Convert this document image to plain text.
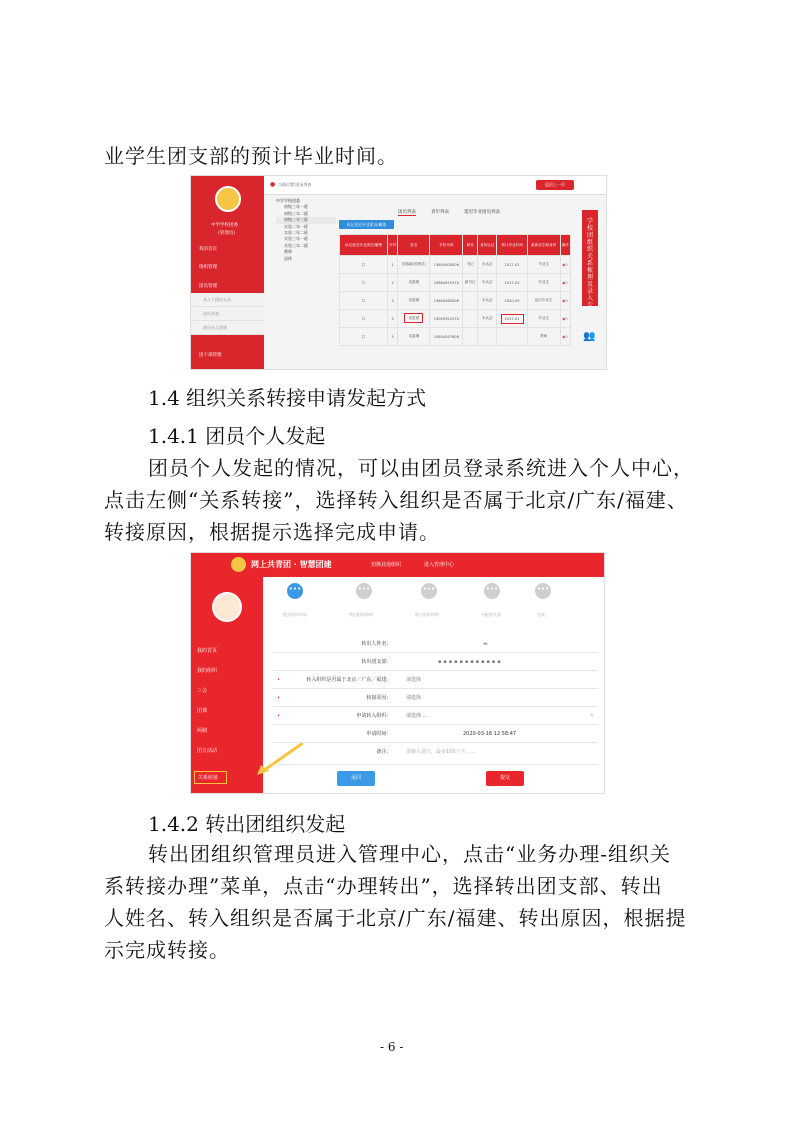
业学生团支部的预计毕业时间。
中学学校团委
(管理员)
我的首页
组织管理
团员管理
录入下团员人员
团员列表
团员录入团课
团干部管理
● 当前位置:团员列表	返回上一页
中学学校团委
初级三年一班
初级三年二班
初级三年三班
实验二年一班
实验二年二班
实验三年一班
实验三年二班
教师
退休
团员列表	青年列表	延迟毕业团员列表
标记延迟毕业团员/撤销
标记延迟毕业团员/撤销	序号	姓名	手机号码	职务	身份认证	预计毕业时间	最新状态和身份	操作
☐	1	吴镇融(管理员)	13600000006	书记	未认证	2017-01	毕业生	◉✎
☐	2	吴素媛	15864551970	副书记	未认证	2017-01	毕业生	◉✎
☐	3	吴素媛	13600460008		未认证	2020-09	延迟毕业生	◉✎
☐	4	吴更豪	13000321070		未认证	2017-01	毕业生	◉✎
☐	5	吴素琳	15804297608				教师	◉✎
学校团组织关系梳理及录入专区
👥
1.4 组织关系转接申请发起方式
1.4.1 团员个人发起
团员个人发起的情况，可以由团员登录系统进入个人中心，
点击左侧“关系转接”，选择转入组织是否属于北京/广东/福建、
转接原因，根据提示选择完成申请。
网上共青团 · 智慧团建	切换其他组织	进入管理中心
我的首页
我的组织
三会
团课
两制
团日活动
关系转接
•••	•••	•••	•••	•••
提交转接申请	转出组织审核	转入组织审核	分配团支部	完成
转出人姓名:	▬
转出团支部:	▪︎▪︎▪︎▪︎▪︎▪︎▪︎▪︎▪︎▪︎▪︎▪︎
•	转入组织是否属于北京／广东／福建:	请选择
•	转接原因:	请选择
•	申请转入组织:	请选择 ...	✎
申请时间:	2020-03-16 12:58:47
备注:	请输入备注，最多100个字......
返回	提交
1.4.2 转出团组织发起
转出团组织管理员进入管理中心，点击“业务办理-组织关
系转接办理”菜单，点击“办理转出”，选择转出团支部、转出
人姓名、转入组织是否属于北京/广东/福建、转出原因，根据提
示完成转接。
- 6 -
